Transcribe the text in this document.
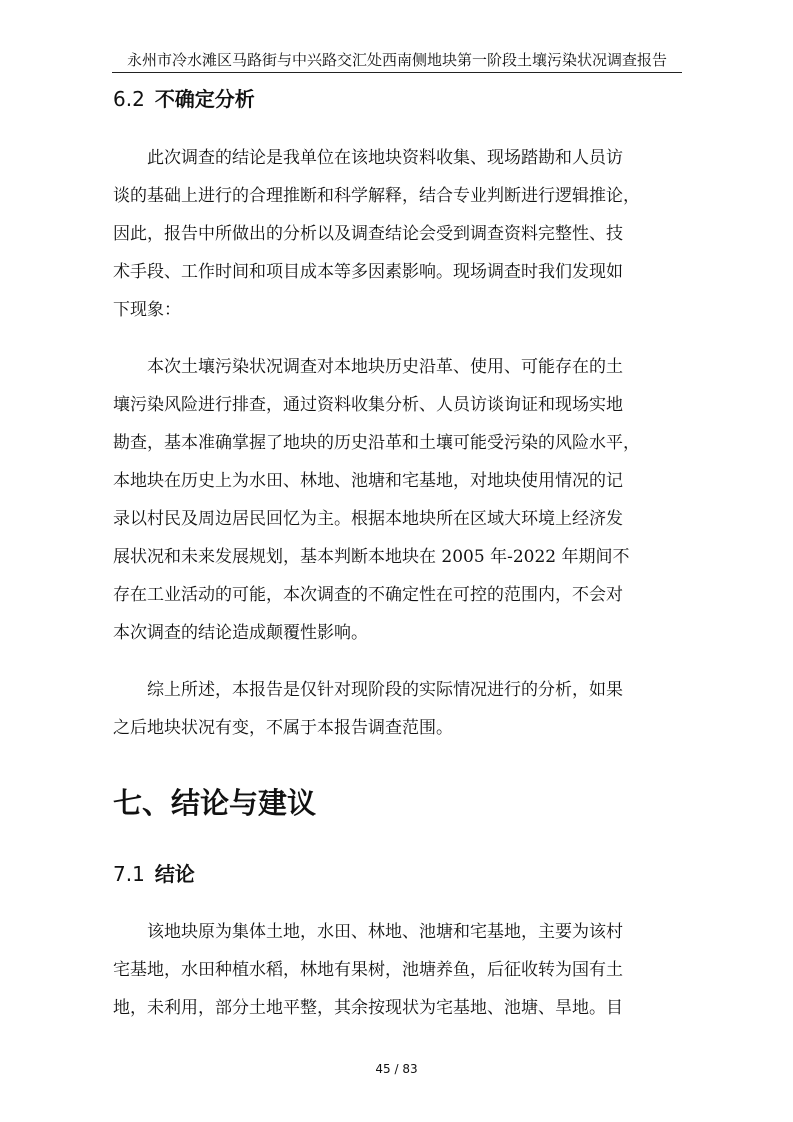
永州市冷水滩区马路街与中兴路交汇处西南侧地块第一阶段土壤污染状况调查报告
6.2 不确定分析
此次调查的结论是我单位在该地块资料收集、现场踏勘和人员访
谈的基础上进行的合理推断和科学解释，结合专业判断进行逻辑推论，
因此，报告中所做出的分析以及调查结论会受到调查资料完整性、技
术手段、工作时间和项目成本等多因素影响。现场调查时我们发现如
下现象：
本次土壤污染状况调查对本地块历史沿革、使用、可能存在的土
壤污染风险进行排查，通过资料收集分析、人员访谈询证和现场实地
勘查，基本准确掌握了地块的历史沿革和土壤可能受污染的风险水平，
本地块在历史上为水田、林地、池塘和宅基地，对地块使用情况的记
录以村民及周边居民回忆为主。根据本地块所在区域大环境上经济发
展状况和未来发展规划，基本判断本地块在 2005 年-2022 年期间不
存在工业活动的可能，本次调查的不确定性在可控的范围内，不会对
本次调查的结论造成颠覆性影响。
综上所述，本报告是仅针对现阶段的实际情况进行的分析，如果
之后地块状况有变，不属于本报告调查范围。
七、结论与建议
7.1 结论
该地块原为集体土地，水田、林地、池塘和宅基地，主要为该村
宅基地，水田种植水稻，林地有果树，池塘养鱼，后征收转为国有土
地，未利用，部分土地平整，其余按现状为宅基地、池塘、旱地。目
45 / 83
